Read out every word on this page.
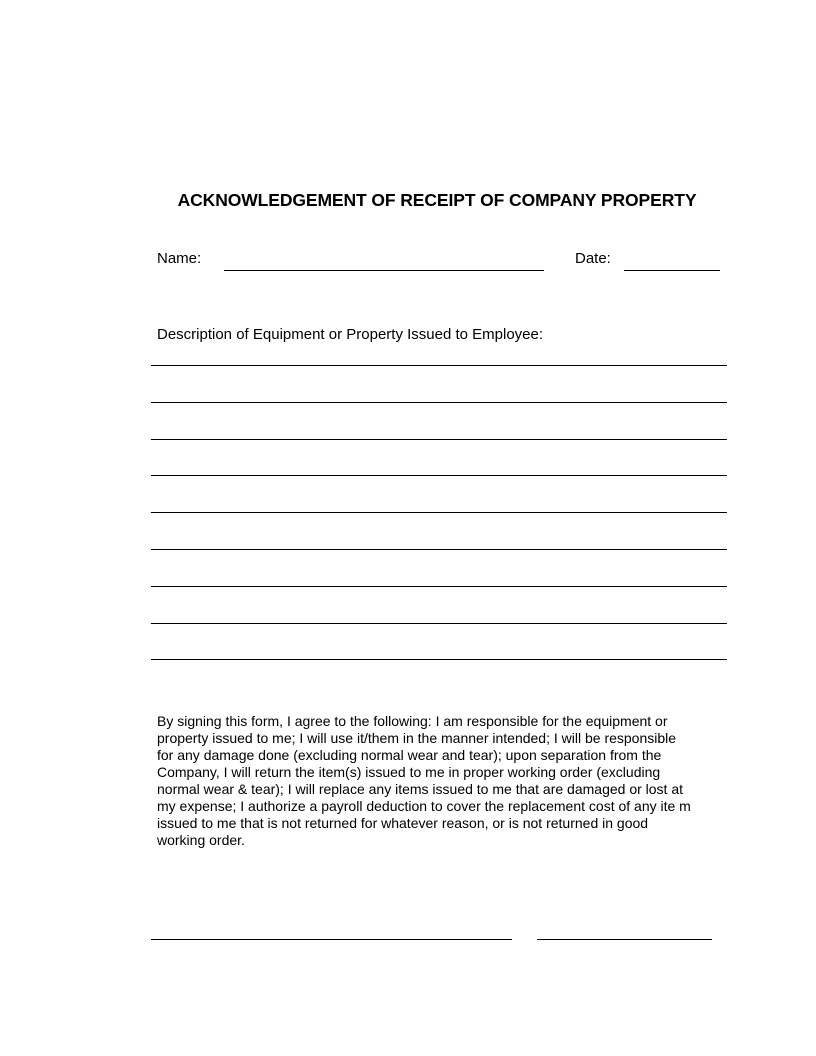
ACKNOWLEDGEMENT OF RECEIPT OF COMPANY PROPERTY
Name:	Date:
Description of Equipment or Property Issued to Employee:
By signing this form, I agree to the following: I am responsible for the equipment or
property issued to me; I will use it/them in the manner intended; I will be responsible
for any damage done (excluding normal wear and tear); upon separation from the
Company, I will return the item(s) issued to me in proper working order (excluding
normal wear & tear); I will replace any items issued to me that are damaged or lost at
my expense; I authorize a payroll deduction to cover the replacement cost of any ite m
issued to me that is not returned for whatever reason, or is not returned in good
working order.
